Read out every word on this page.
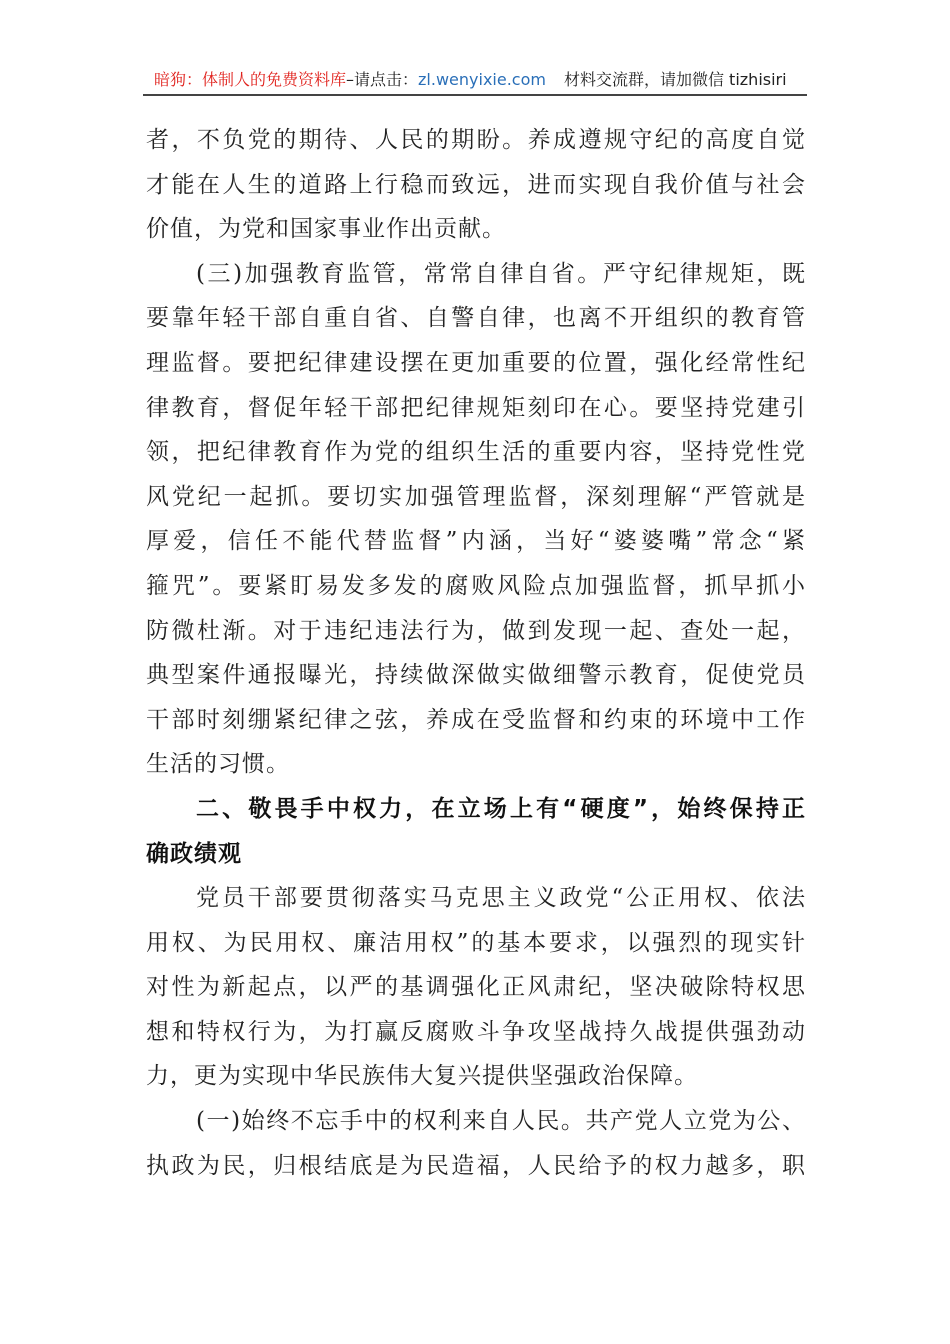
暗狗：体制人的免费资料库–请点击：zl.wenyixie.com 材料交流群，请加微信 tizhisiri
者，不负党的期待、人民的期盼。养成遵规守纪的高度自觉
才能在人生的道路上行稳而致远，进而实现自我价值与社会
价值，为党和国家事业作出贡献。
(三)加强教育监管，常常自律自省。严守纪律规矩，既
要靠年轻干部自重自省、自警自律，也离不开组织的教育管
理监督。要把纪律建设摆在更加重要的位置，强化经常性纪
律教育，督促年轻干部把纪律规矩刻印在心。要坚持党建引
领，把纪律教育作为党的组织生活的重要内容，坚持党性党
风党纪一起抓。要切实加强管理监督，深刻理解“严管就是
厚爱，信任不能代替监督”内涵，当好“婆婆嘴”常念“紧
箍咒”。要紧盯易发多发的腐败风险点加强监督，抓早抓小
防微杜渐。对于违纪违法行为，做到发现一起、查处一起，
典型案件通报曝光，持续做深做实做细警示教育，促使党员
干部时刻绷紧纪律之弦，养成在受监督和约束的环境中工作
生活的习惯。
二、敬畏手中权力，在立场上有“硬度”，始终保持正
确政绩观
党员干部要贯彻落实马克思主义政党“公正用权、依法
用权、为民用权、廉洁用权”的基本要求，以强烈的现实针
对性为新起点，以严的基调强化正风肃纪，坚决破除特权思
想和特权行为，为打赢反腐败斗争攻坚战持久战提供强劲动
力，更为实现中华民族伟大复兴提供坚强政治保障。
(一)始终不忘手中的权利来自人民。共产党人立党为公、
执政为民，归根结底是为民造福，人民给予的权力越多，职
